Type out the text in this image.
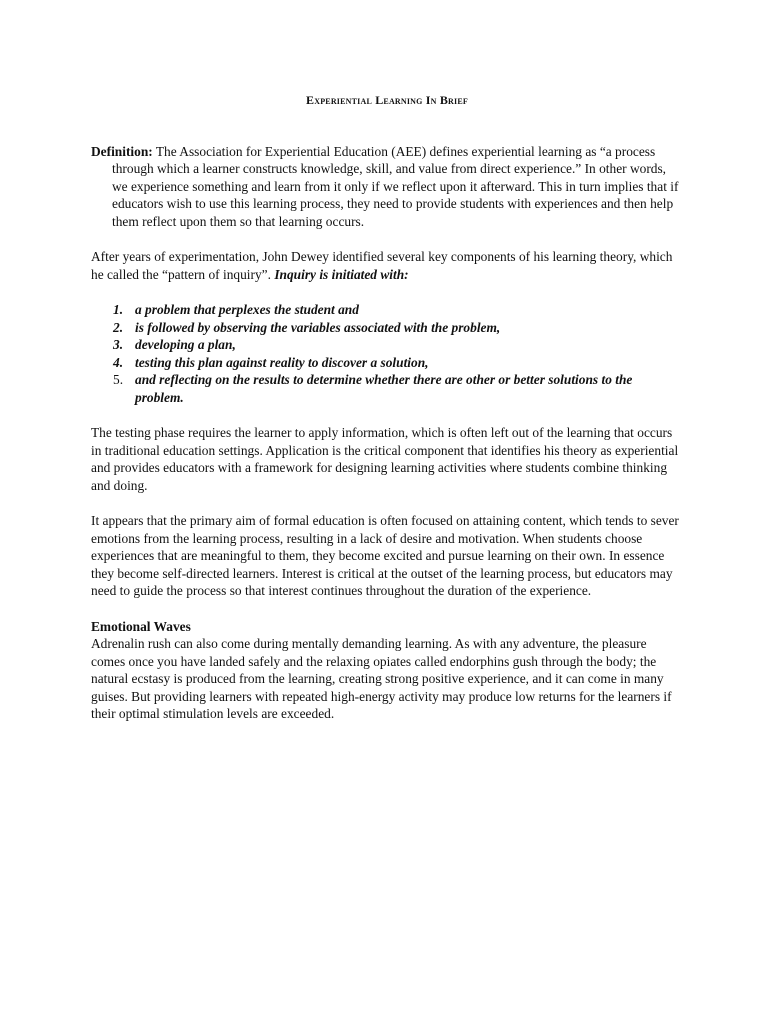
Experiential Learning In Brief
Definition: The Association for Experiential Education (AEE) defines experiential learning as “a process through which a learner constructs knowledge, skill, and value from direct experience.” In other words, we experience something and learn from it only if we reflect upon it afterward. This in turn implies that if educators wish to use this learning process, they need to provide students with experiences and then help them reflect upon them so that learning occurs.

After years of experimentation, John Dewey identified several key components of his learning theory, which he called the “pattern of inquiry”. Inquiry is initiated with:

1. a problem that perplexes the student and
2. is followed by observing the variables associated with the problem,
3. developing a plan,
4. testing this plan against reality to discover a solution,
5. and reflecting on the results to determine whether there are other or better solutions to the problem.

The testing phase requires the learner to apply information, which is often left out of the learning that occurs in traditional education settings. Application is the critical component that identifies his theory as experiential and provides educators with a framework for designing learning activities where students combine thinking and doing.

It appears that the primary aim of formal education is often focused on attaining content, which tends to sever emotions from the learning process, resulting in a lack of desire and motivation. When students choose experiences that are meaningful to them, they become excited and pursue learning on their own. In essence they become self-directed learners. Interest is critical at the outset of the learning process, but educators may need to guide the process so that interest continues throughout the duration of the experience.

Emotional Waves
Adrenalin rush can also come during mentally demanding learning. As with any adventure, the pleasure comes once you have landed safely and the relaxing opiates called endorphins gush through the body; the natural ecstasy is produced from the learning, creating strong positive experience, and it can come in many guises. But providing learners with repeated high-energy activity may produce low returns for the learners if their optimal stimulation levels are exceeded.
